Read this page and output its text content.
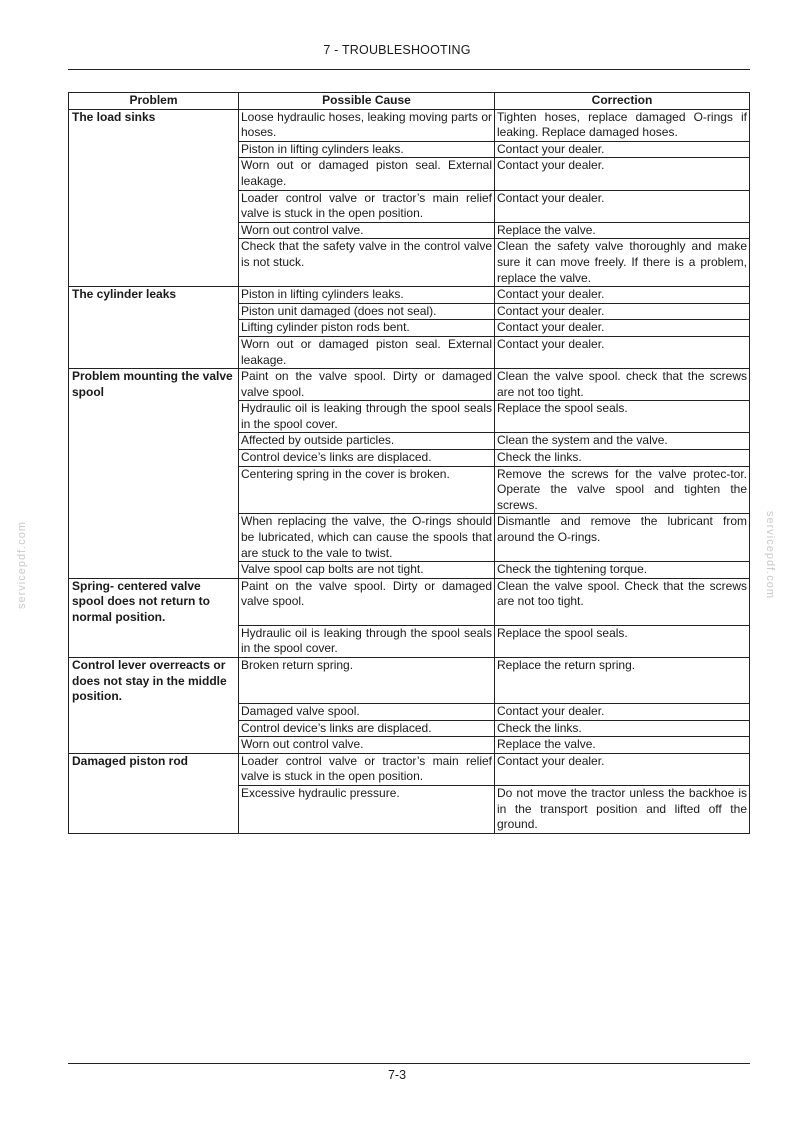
7 - TROUBLESHOOTING
servicepdf.com	servicepdf.com
Problem	Possible Cause	Correction
The load sinks	Loose hydraulic hoses, leaking moving parts or hoses.	Tighten hoses, replace damaged O-rings if leaking. Replace damaged hoses.
	Piston in lifting cylinders leaks.	Contact your dealer.
	Worn out or damaged piston seal. External leakage.	Contact your dealer.
	Loader control valve or tractor’s main relief valve is stuck in the open position.	Contact your dealer.
	Worn out control valve.	Replace the valve.
	Check that the safety valve in the control valve is not stuck.	Clean the safety valve thoroughly and make sure it can move freely. If there is a problem, replace the valve.
The cylinder leaks	Piston in lifting cylinders leaks.	Contact your dealer.
	Piston unit damaged (does not seal).	Contact your dealer.
	Lifting cylinder piston rods bent.	Contact your dealer.
	Worn out or damaged piston seal. External leakage.	Contact your dealer.
Problem mounting the valve spool	Paint on the valve spool. Dirty or damaged valve spool.	Clean the valve spool. check that the screws are not too tight.
	Hydraulic oil is leaking through the spool seals in the spool cover.	Replace the spool seals.
	Affected by outside particles.	Clean the system and the valve.
	Control device’s links are displaced.	Check the links.
	Centering spring in the cover is broken.	Remove the screws for the valve protec-tor. Operate the valve spool and tighten the screws.
	When replacing the valve, the O-rings should be lubricated, which can cause the spools that are stuck to the vale to twist.	Dismantle and remove the lubricant from around the O-rings.
	Valve spool cap bolts are not tight.	Check the tightening torque.
Spring- centered valve spool does not return to normal position.	Paint on the valve spool. Dirty or damaged valve spool.	Clean the valve spool. Check that the screws are not too tight.
	Hydraulic oil is leaking through the spool seals in the spool cover.	Replace the spool seals.
Control lever overreacts or does not stay in the middle position.	Broken return spring.	Replace the return spring.
	Damaged valve spool.	Contact your dealer.
	Control device’s links are displaced.	Check the links.
	Worn out control valve.	Replace the valve.
Damaged piston rod	Loader control valve or tractor’s main relief valve is stuck in the open position.	Contact your dealer.
	Excessive hydraulic pressure.	Do not move the tractor unless the backhoe is in the transport position and lifted off the ground.
7-3
